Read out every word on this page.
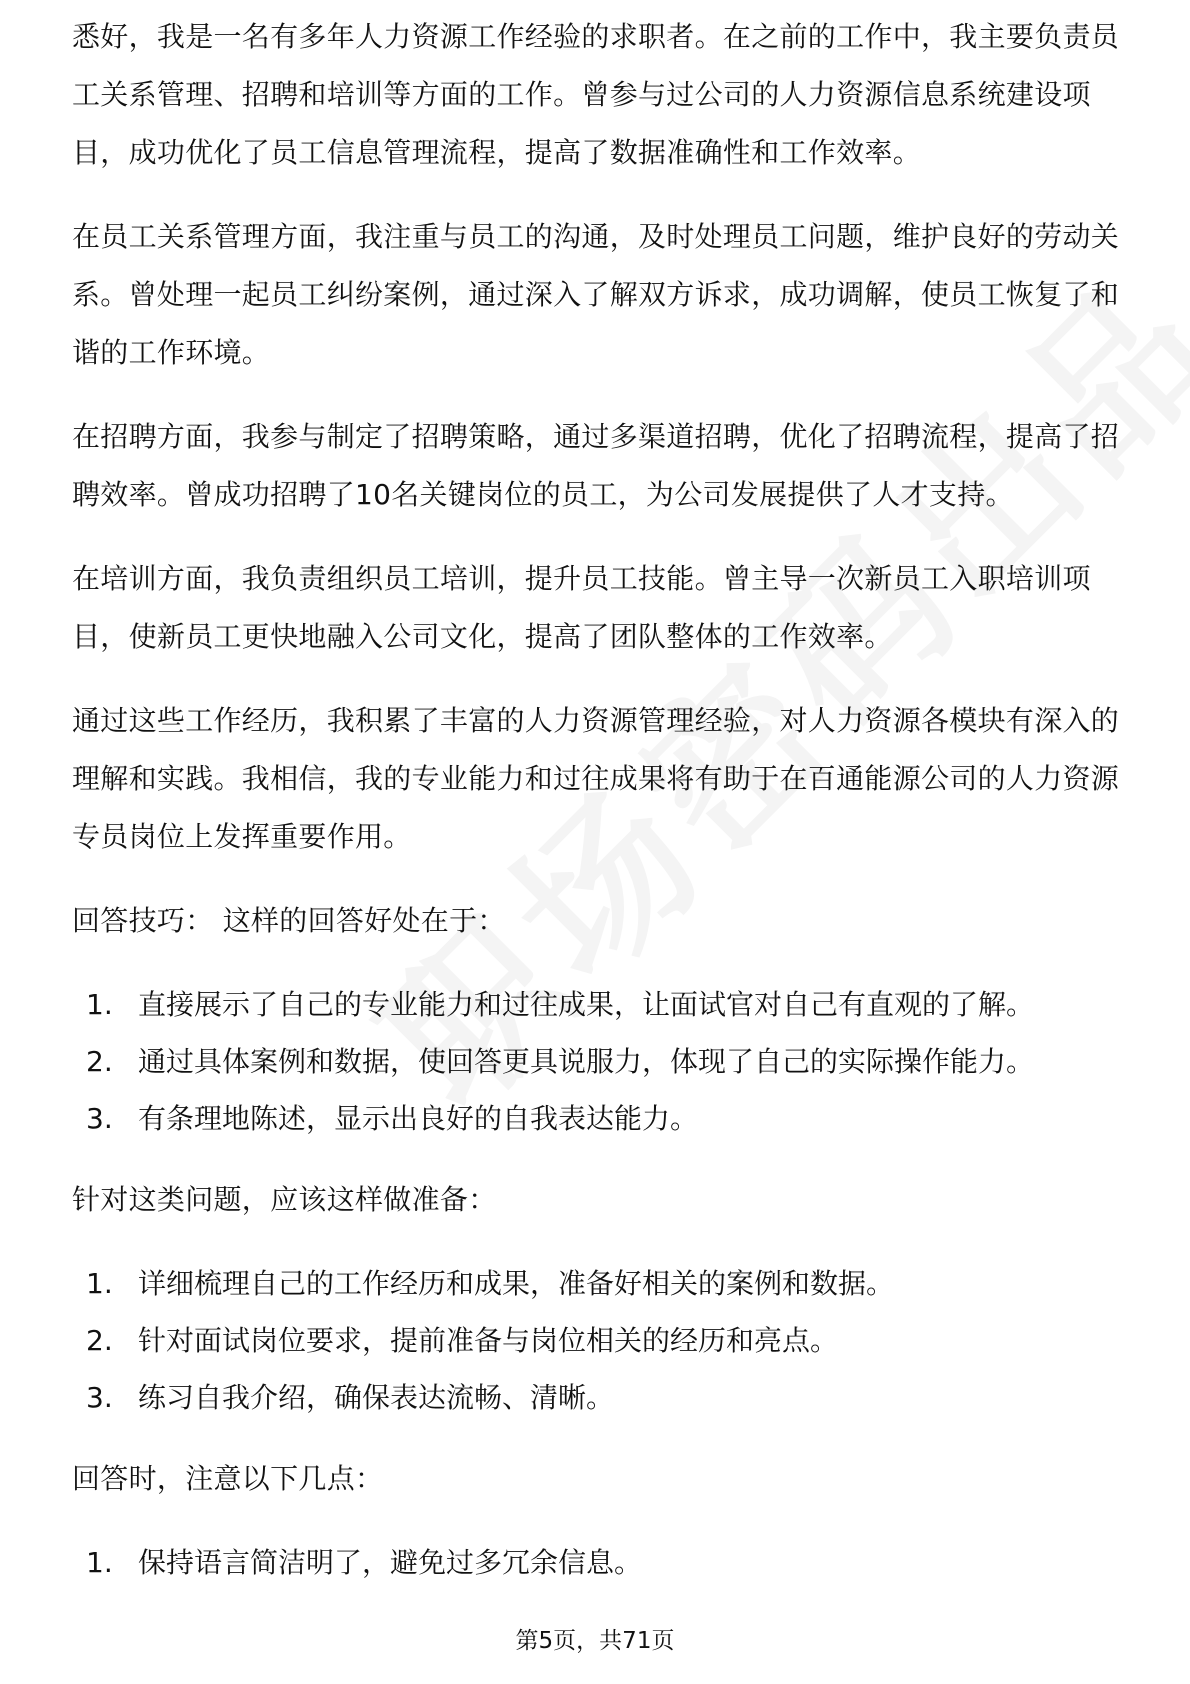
悉好，我是一名有多年人力资源工作经验的求职者。在之前的工作中，我主要负责员工关系管理、招聘和培训等方面的工作。曾参与过公司的人力资源信息系统建设项目，成功优化了员工信息管理流程，提高了数据准确性和工作效率。

在员工关系管理方面，我注重与员工的沟通，及时处理员工问题，维护良好的劳动关系。曾处理一起员工纠纷案例，通过深入了解双方诉求，成功调解，使员工恢复了和谐的工作环境。

在招聘方面，我参与制定了招聘策略，通过多渠道招聘，优化了招聘流程，提高了招聘效率。曾成功招聘了10名关键岗位的员工，为公司发展提供了人才支持。

在培训方面，我负责组织员工培训，提升员工技能。曾主导一次新员工入职培训项目，使新员工更快地融入公司文化，提高了团队整体的工作效率。

通过这些工作经历，我积累了丰富的人力资源管理经验，对人力资源各模块有深入的理解和实践。我相信，我的专业能力和过往成果将有助于在百通能源公司的人力资源专员岗位上发挥重要作用。

回答技巧： 这样的回答好处在于：

1. 直接展示了自己的专业能力和过往成果，让面试官对自己有直观的了解。
2. 通过具体案例和数据，使回答更具说服力，体现了自己的实际操作能力。
3. 有条理地陈述，显示出良好的自我表达能力。

针对这类问题，应该这样做准备：

1. 详细梳理自己的工作经历和成果，准备好相关的案例和数据。
2. 针对面试岗位要求，提前准备与岗位相关的经历和亮点。
3. 练习自我介绍，确保表达流畅、清晰。

回答时，注意以下几点：

1. 保持语言简洁明了，避免过多冗余信息。
第5页，共71页
